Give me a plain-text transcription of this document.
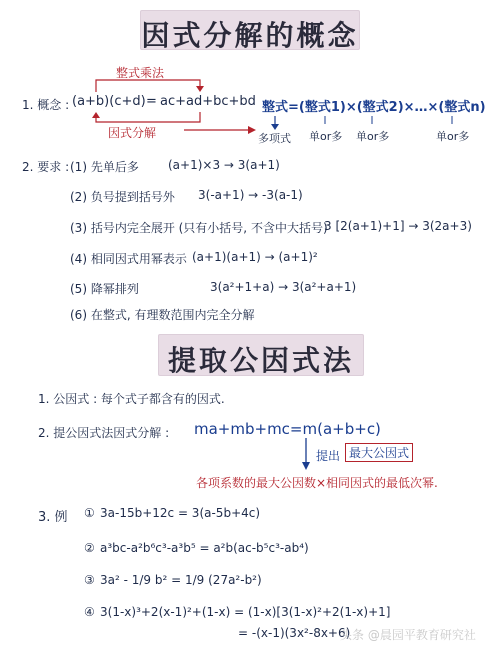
因式分解的概念
1. 概念 : (a+b)(c+d) = ac+ad+bc+bd
整式乘法
因式分解
整式=(整式1)×(整式2)×…×(整式n)
多项式 单or多 单or多	单or多
2. 要求 : (1) 先单后多 (a+1)×3 → 3(a+1)
(2) 负号提到括号外 3(-a+1) → -3(a-1)
(3) 括号内完全展开 (只有小括号, 不含中大括号)
3 [2(a+1)+1] → 3(2a+3)
(4) 相同因式用幂表示 (a+1)(a+1) → (a+1)²
(5) 降幂排列	3(a²+1+a) → 3(a²+a+1)
(6) 在整式, 有理数范围内完全分解
提取公因式法
1. 公因式 : 每个式子都含有的因式.
2. 提公因式法因式分解 : ma+mb+mc=m(a+b+c)
提出 最大公因式
各项系数的最大公因数×相同因式的最低次幂.
3. 例 ① 3a-15b+12c = 3(a-5b+4c)
② a³bc-a²b⁶c³-a³b⁵ = a²b(ac-b⁵c³-ab⁴)
③ 3a² - 1/9 b² = 1/9 (27a²-b²)
④ 3(1-x)³+2(x-1)²+(1-x) = (1-x)[3(1-x)²+2(1-x)+1]
= -(x-1)(3x²-8x+6)
头条 @晨园平教育研究社
